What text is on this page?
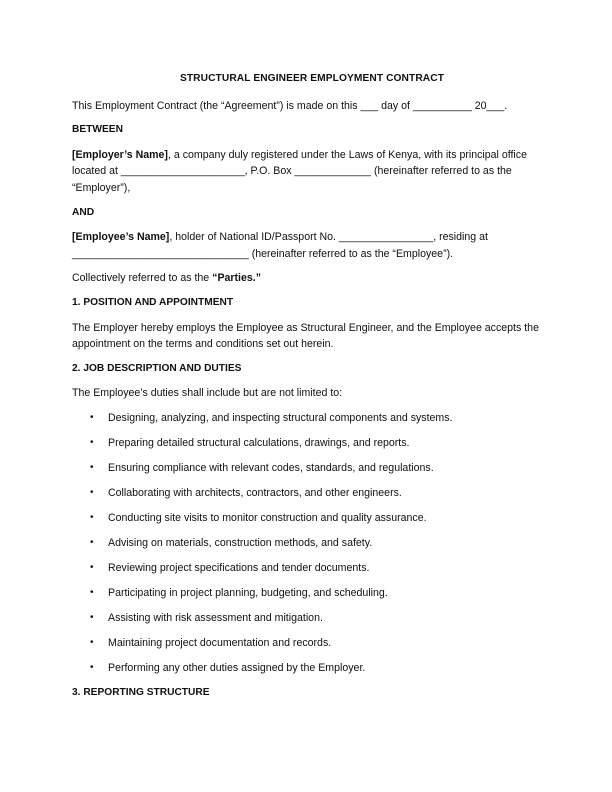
STRUCTURAL ENGINEER EMPLOYMENT CONTRACT

This Employment Contract (the “Agreement”) is made on this ___ day of __________ 20___.

BETWEEN

[Employer’s Name], a company duly registered under the Laws of Kenya, with its principal office located at _____________________, P.O. Box _____________ (hereinafter referred to as the “Employer”),

AND

[Employee’s Name], holder of National ID/Passport No. ________________, residing at ______________________________ (hereinafter referred to as the “Employee”).

Collectively referred to as the “Parties.”

1. POSITION AND APPOINTMENT

The Employer hereby employs the Employee as Structural Engineer, and the Employee accepts the appointment on the terms and conditions set out herein.

2. JOB DESCRIPTION AND DUTIES

The Employee’s duties shall include but are not limited to:

• Designing, analyzing, and inspecting structural components and systems.
• Preparing detailed structural calculations, drawings, and reports.
• Ensuring compliance with relevant codes, standards, and regulations.
• Collaborating with architects, contractors, and other engineers.
• Conducting site visits to monitor construction and quality assurance.
• Advising on materials, construction methods, and safety.
• Reviewing project specifications and tender documents.
• Participating in project planning, budgeting, and scheduling.
• Assisting with risk assessment and mitigation.
• Maintaining project documentation and records.
• Performing any other duties assigned by the Employer.
3. REPORTING STRUCTURE
